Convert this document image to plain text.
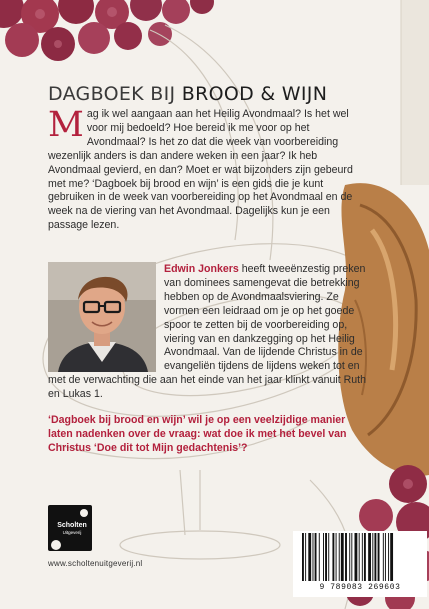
DAGBOEK BIJ BROOD & WIJN

Mag ik wel aangaan aan het Heilig Avondmaal? Is het wel voor mij bedoeld? Hoe bereid ik me voor op het Avondmaal? Is het zo dat die week van voorbereiding wezenlijk anders is dan andere weken in een jaar? Ik heb Avondmaal gevierd, en dan? Moet er wat bijzonders zijn gebeurd met me? ‘Dagboek bij brood en wijn’ is een gids die je kunt gebruiken in de week van voorbereiding op het Avondmaal en de week na de viering van het Avondmaal. Dagelijks kun je een passage lezen.

Edwin Jonkers heeft tweeënzestig preken van dominees samengevat die betrekking hebben op de Avondmaalsviering. Ze vormen een leidraad om je op het goede spoor te zetten bij de voorbereiding op, viering van en dankzegging op het Heilig Avondmaal. Van de lijdende Christus in de evangeliën tijdens de lijdens weken tot en met de verwachting die aan het einde van het jaar klinkt vanuit Ruth en Lukas 1.

‘Dagboek bij brood en wijn’ wil je op een veelzijdige manier laten nadenken over de vraag: wat doe ik met het bevel van Christus ‘Doe dit tot Mijn gedachtenis’?

Scholten
Uitgeverij

www.scholtenuitgeverij.nl

9 789083 269603
